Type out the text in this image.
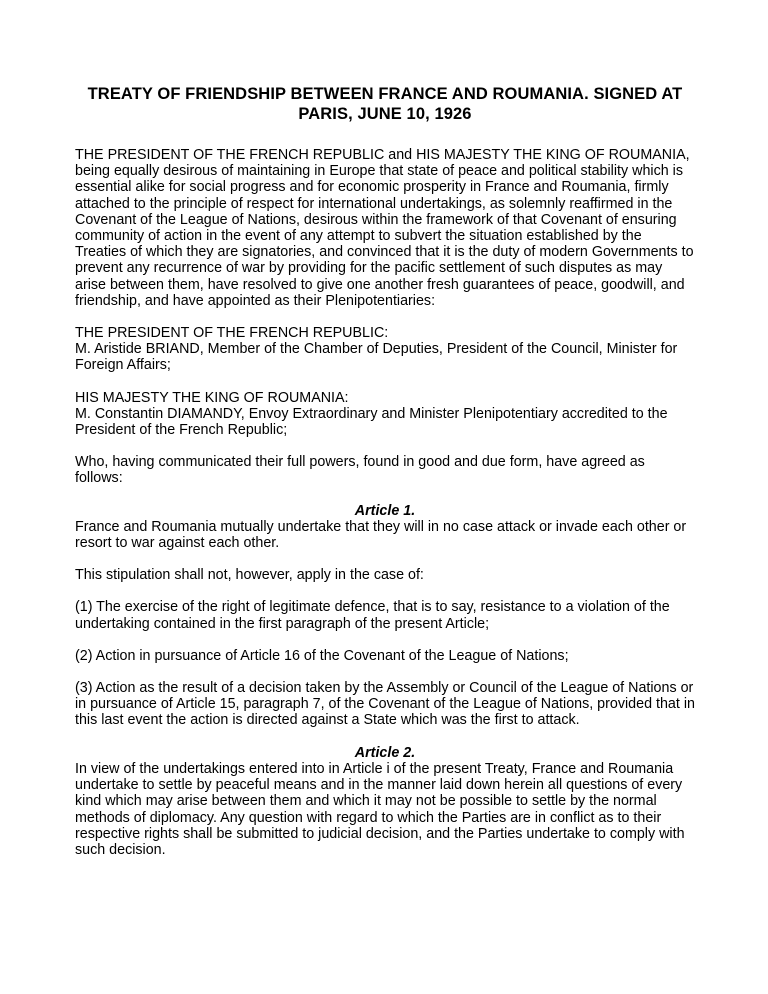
TREATY OF FRIENDSHIP BETWEEN FRANCE AND ROUMANIA. SIGNED AT PARIS, JUNE 10, 1926

THE PRESIDENT OF THE FRENCH REPUBLIC and HIS MAJESTY THE KING OF ROUMANIA, being equally desirous of maintaining in Europe that state of peace and political stability which is essential alike for social progress and for economic prosperity in France and Roumania, firmly attached to the principle of respect for international undertakings, as solemnly reaffirmed in the Covenant of the League of Nations, desirous within the framework of that Covenant of ensuring community of action in the event of any attempt to subvert the situation established by the Treaties of which they are signatories, and convinced that it is the duty of modern Governments to prevent any recurrence of war by providing for the pacific settlement of such disputes as may arise between them, have resolved to give one another fresh guarantees of peace, goodwill, and friendship, and have appointed as their Plenipotentiaries:

THE PRESIDENT OF THE FRENCH REPUBLIC:
M. Aristide BRIAND, Member of the Chamber of Deputies, President of the Council, Minister for Foreign Affairs;

HIS MAJESTY THE KING OF ROUMANIA:
M. Constantin DIAMANDY, Envoy Extraordinary and Minister Plenipotentiary accredited to the President of the French Republic;

Who, having communicated their full powers, found in good and due form, have agreed as follows:

Article 1.

France and Roumania mutually undertake that they will in no case attack or invade each other or resort to war against each other.

This stipulation shall not, however, apply in the case of:

(1) The exercise of the right of legitimate defence, that is to say, resistance to a violation of the undertaking contained in the first paragraph of the present Article;

(2) Action in pursuance of Article 16 of the Covenant of the League of Nations;

(3) Action as the result of a decision taken by the Assembly or Council of the League of Nations or in pursuance of Article 15, paragraph 7, of the Covenant of the League of Nations, provided that in this last event the action is directed against a State which was the first to attack.

Article 2.

In view of the undertakings entered into in Article i of the present Treaty, France and Roumania undertake to settle by peaceful means and in the manner laid down herein all questions of every kind which may arise between them and which it may not be possible to settle by the normal methods of diplomacy. Any question with regard to which the Parties are in conflict as to their respective rights shall be submitted to judicial decision, and the Parties undertake to comply with such decision.
